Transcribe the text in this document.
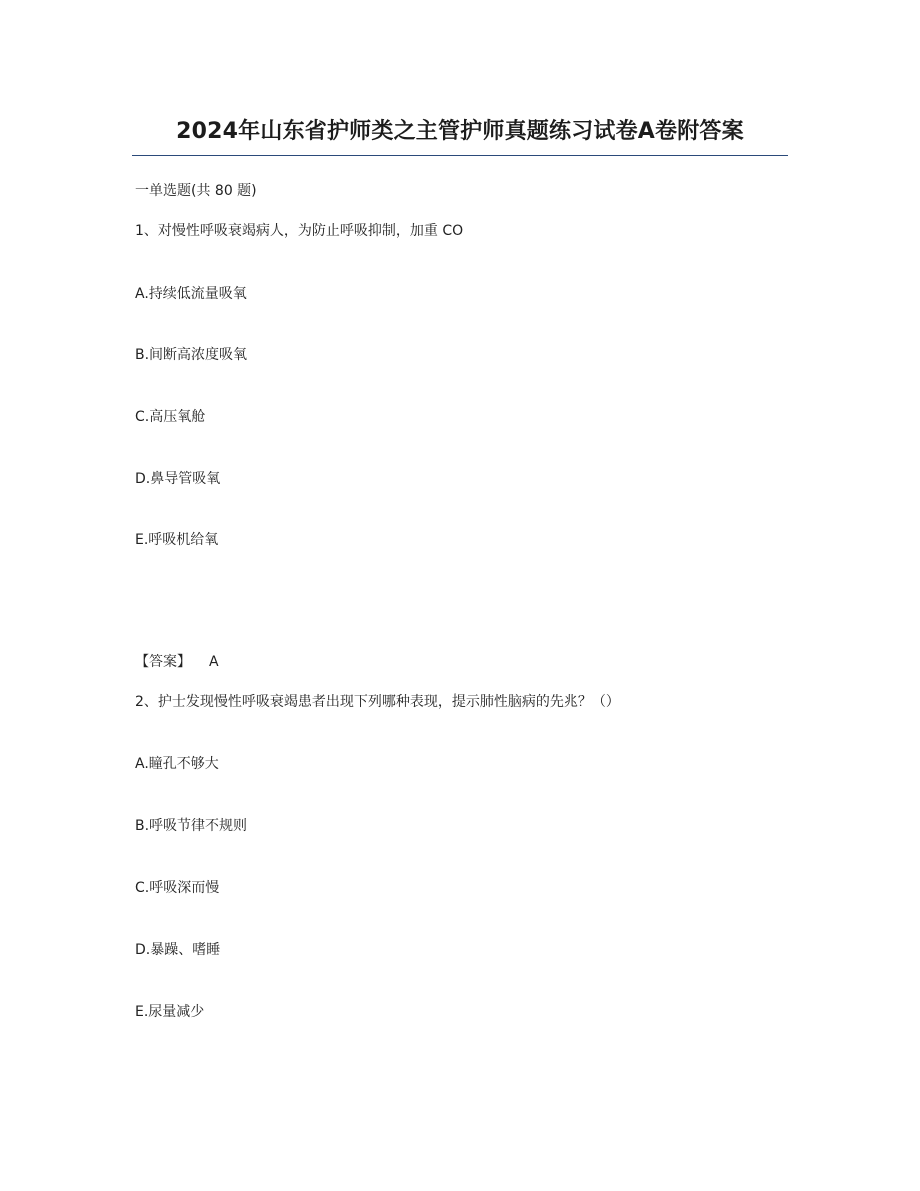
2024年山东省护师类之主管护师真题练习试卷A卷附答案
一单选题(共 80 题)
1、对慢性呼吸衰竭病人，为防止呼吸抑制，加重 CO
A.持续低流量吸氧
B.间断高浓度吸氧
C.高压氧舱
D.鼻导管吸氧
E.呼吸机给氧
【答案】 A
2、护士发现慢性呼吸衰竭患者出现下列哪种表现，提示肺性脑病的先兆？（）
A.瞳孔不够大
B.呼吸节律不规则
C.呼吸深而慢
D.暴躁、嗜睡
E.尿量减少
